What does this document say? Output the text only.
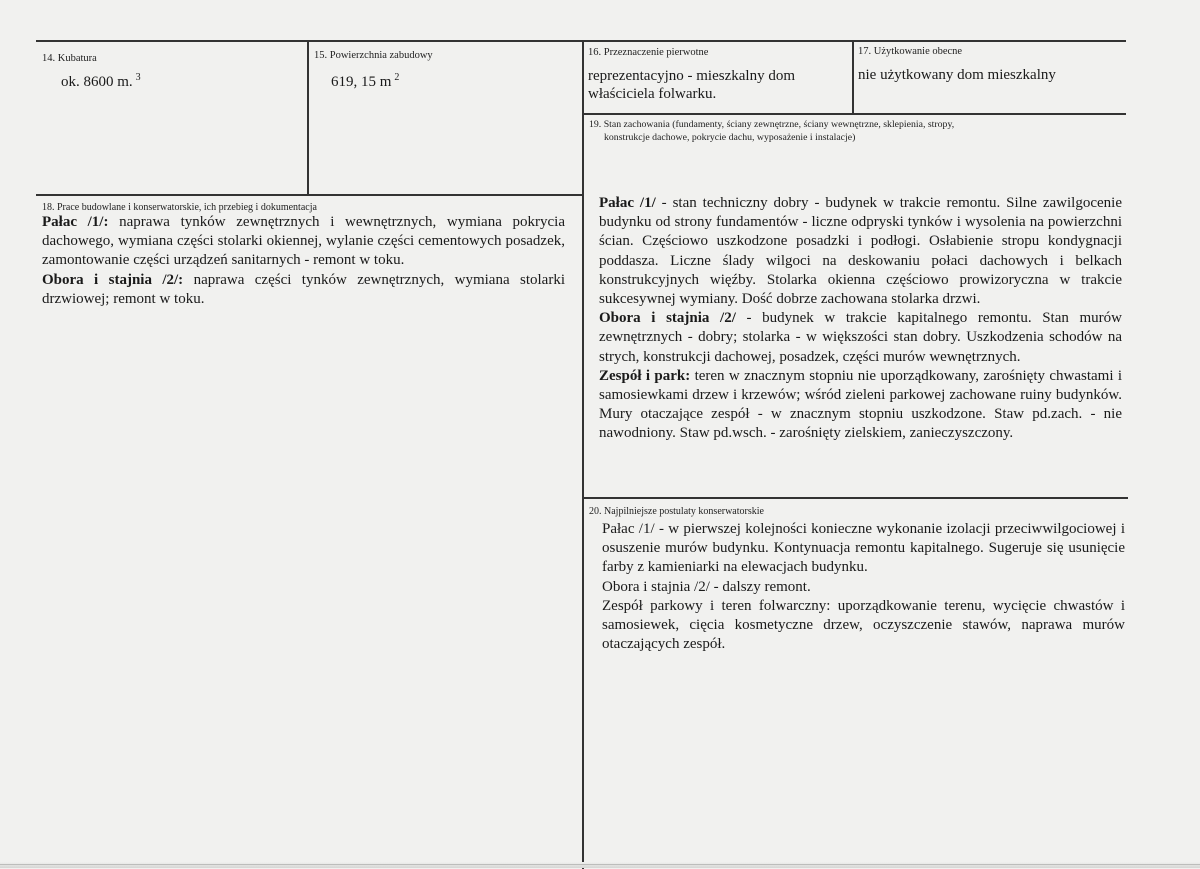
14. Kubatura
ok. 8600 m. $^3$
15. Powierzchnia zabudowy
619, 15 m $^2$
16. Przeznaczenie pierwotne
reprezentacyjno - mieszkalny dom właściciela folwarku.
17. Użytkowanie obecne
nie użytkowany dom mieszkalny
19. Stan zachowania (fundamenty, ściany zewnętrzne, ściany wewnętrzne, sklepienia, stropy,
konstrukcje dachowe, pokrycie dachu, wyposażenie i instalacje)

Pałac /1/ - stan techniczny dobry - budynek w trakcie remontu. Silne zawilgocenie budynku od strony fundamentów - liczne odpryski tynków i wysolenia na powierzchni ścian. Częściowo uszkodzone posadzki i podłogi. Osłabienie stropu kondygnacji poddasza. Liczne ślady wilgoci na deskowaniu połaci dachowych i belkach konstrukcyjnych więźby. Stolarka okienna częściowo prowizoryczna w trakcie sukcesywnej wymiany. Dość dobrze zachowana stolarka drzwi.

Obora i stajnia /2/ - budynek w trakcie kapitalnego remontu. Stan murów zewnętrznych - dobry; stolarka - w większości stan dobry. Uszkodzenia schodów na strych, konstrukcji dachowej, posadzek, części murów wewnętrznych.

Zespół i park: teren w znacznym stopniu nie uporządkowany, zarośnięty chwastami i samosiewkami drzew i krzewów; wśród zieleni parkowej zachowane ruiny budynków. Mury otaczające zespół - w znacznym stopniu uszkodzone. Staw pd.zach. - nie nawodniony. Staw pd.wsch. - zarośnięty zielskiem, zanieczyszczony.

18. Prace budowlane i konserwatorskie, ich przebieg i dokumentacja

Pałac /1/: naprawa tynków zewnętrznych i wewnętrznych, wymiana pokrycia dachowego, wymiana części stolarki okiennej, wylanie części cementowych posadzek, zamontowanie części urządzeń sanitarnych - remont w toku.

Obora i stajnia /2/: naprawa części tynków zewnętrznych, wymiana stolarki drzwiowej; remont w toku.

20. Najpilniejsze postulaty konserwatorskie

Pałac /1/ - w pierwszej kolejności konieczne wykonanie izolacji przeciwwilgociowej i osuszenie murów budynku. Kontynuacja remontu kapitalnego. Sugeruje się usunięcie farby z kamieniarki na elewacjach budynku.

Obora i stajnia /2/ - dalszy remont.

Zespół parkowy i teren folwarczny: uporządkowanie terenu, wycięcie chwastów i samosiewek, cięcia kosmetyczne drzew, oczyszczenie stawów, naprawa murów otaczających zespół.
